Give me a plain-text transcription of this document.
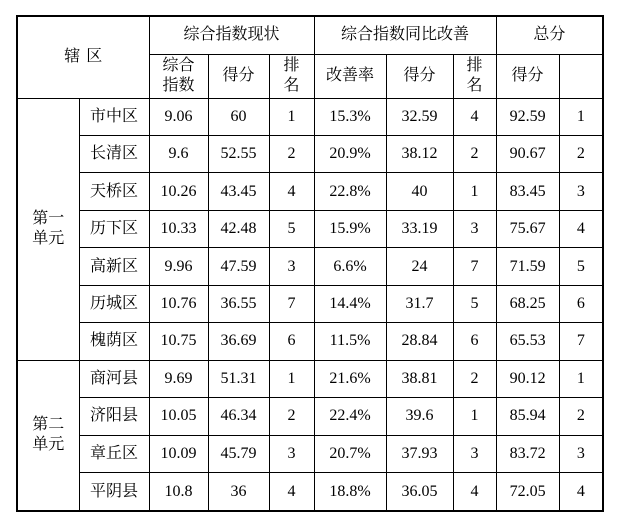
辖区		综合指数现状			综合指数同比改善			总分	
		综合指数	得分	排名	改善率	得分	排名	得分	
第一单元	市中区	9.06	60	1	15.3%	32.59	4	92.59	1
	长清区	9.6	52.55	2	20.9%	38.12	2	90.67	2
	天桥区	10.26	43.45	4	22.8%	40	1	83.45	3
	历下区	10.33	42.48	5	15.9%	33.19	3	75.67	4
	高新区	9.96	47.59	3	6.6%	24	7	71.59	5
	历城区	10.76	36.55	7	14.4%	31.7	5	68.25	6
	槐荫区	10.75	36.69	6	11.5%	28.84	6	65.53	7
第二单元	商河县	9.69	51.31	1	21.6%	38.81	2	90.12	1
	济阳县	10.05	46.34	2	22.4%	39.6	1	85.94	2
	章丘区	10.09	45.79	3	20.7%	37.93	3	83.72	3
	平阴县	10.8	36	4	18.8%	36.05	4	72.05	4
